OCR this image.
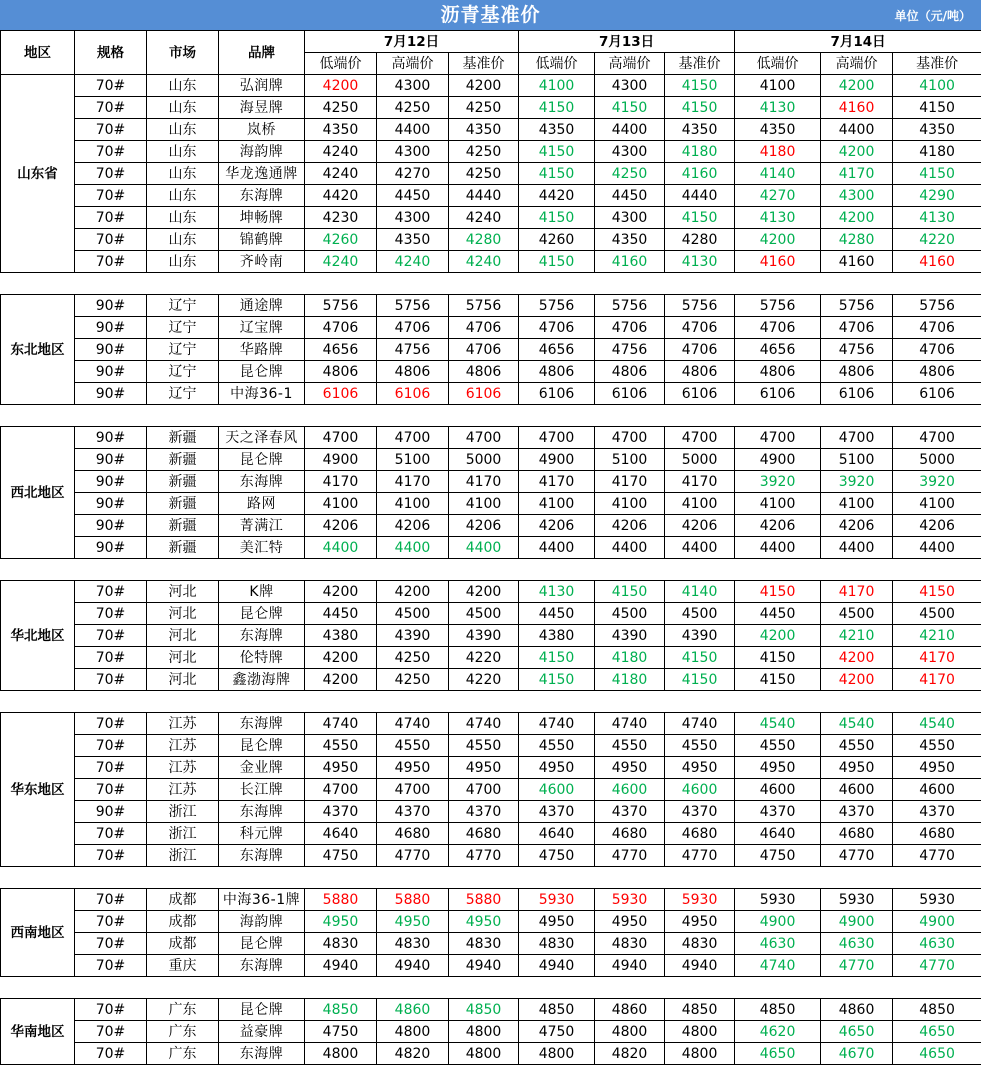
沥青基准价	单位（元/吨）
地区	规格	市场	品牌	7月12日			7月13日			7月14日		
				低端价	高端价	基准价	低端价	高端价	基准价	低端价	高端价	基准价
山东省	70#	山东	弘润牌	4200	4300	4200	4100	4300	4150	4100	4200	4100
	70#	山东	海昱牌	4250	4250	4250	4150	4150	4150	4130	4160	4150
	70#	山东	岚桥	4350	4400	4350	4350	4400	4350	4350	4400	4350
	70#	山东	海韵牌	4240	4300	4250	4150	4300	4180	4180	4200	4180
	70#	山东	华龙逸通牌	4240	4270	4250	4150	4250	4160	4140	4170	4150
	70#	山东	东海牌	4420	4450	4440	4420	4450	4440	4270	4300	4290
	70#	山东	坤畅牌	4230	4300	4240	4150	4300	4150	4130	4200	4130
	70#	山东	锦鹤牌	4260	4350	4280	4260	4350	4280	4200	4280	4220
	70#	山东	齐岭南	4240	4240	4240	4150	4160	4130	4160	4160	4160

东北地区	90#	辽宁	通途牌	5756	5756	5756	5756	5756	5756	5756	5756	5756
	90#	辽宁	辽宝牌	4706	4706	4706	4706	4706	4706	4706	4706	4706
	90#	辽宁	华路牌	4656	4756	4706	4656	4756	4706	4656	4756	4706
	90#	辽宁	昆仑牌	4806	4806	4806	4806	4806	4806	4806	4806	4806
	90#	辽宁	中海36-1	6106	6106	6106	6106	6106	6106	6106	6106	6106

西北地区	90#	新疆	天之泽春风	4700	4700	4700	4700	4700	4700	4700	4700	4700
	90#	新疆	昆仑牌	4900	5100	5000	4900	5100	5000	4900	5100	5000
	90#	新疆	东海牌	4170	4170	4170	4170	4170	4170	3920	3920	3920
	90#	新疆	路网	4100	4100	4100	4100	4100	4100	4100	4100	4100
	90#	新疆	菁满江	4206	4206	4206	4206	4206	4206	4206	4206	4206
	90#	新疆	美汇特	4400	4400	4400	4400	4400	4400	4400	4400	4400

华北地区	70#	河北	K牌	4200	4200	4200	4130	4150	4140	4150	4170	4150
	70#	河北	昆仑牌	4450	4500	4500	4450	4500	4500	4450	4500	4500
	70#	河北	东海牌	4380	4390	4390	4380	4390	4390	4200	4210	4210
	70#	河北	伦特牌	4200	4250	4220	4150	4180	4150	4150	4200	4170
	70#	河北	鑫渤海牌	4200	4250	4220	4150	4180	4150	4150	4200	4170

华东地区	70#	江苏	东海牌	4740	4740	4740	4740	4740	4740	4540	4540	4540
	70#	江苏	昆仑牌	4550	4550	4550	4550	4550	4550	4550	4550	4550
	70#	江苏	金业牌	4950	4950	4950	4950	4950	4950	4950	4950	4950
	70#	江苏	长江牌	4700	4700	4700	4600	4600	4600	4600	4600	4600
	90#	浙江	东海牌	4370	4370	4370	4370	4370	4370	4370	4370	4370
	70#	浙江	科元牌	4640	4680	4680	4640	4680	4680	4640	4680	4680
	70#	浙江	东海牌	4750	4770	4770	4750	4770	4770	4750	4770	4770

西南地区	70#	成都	中海36-1牌	5880	5880	5880	5930	5930	5930	5930	5930	5930
	70#	成都	海韵牌	4950	4950	4950	4950	4950	4950	4900	4900	4900
	70#	成都	昆仑牌	4830	4830	4830	4830	4830	4830	4630	4630	4630
	70#	重庆	东海牌	4940	4940	4940	4940	4940	4940	4740	4770	4770

华南地区	70#	广东	昆仑牌	4850	4860	4850	4850	4860	4850	4850	4860	4850
	70#	广东	益豪牌	4750	4800	4800	4750	4800	4800	4620	4650	4650
	70#	广东	东海牌	4800	4820	4800	4800	4820	4800	4650	4670	4650
